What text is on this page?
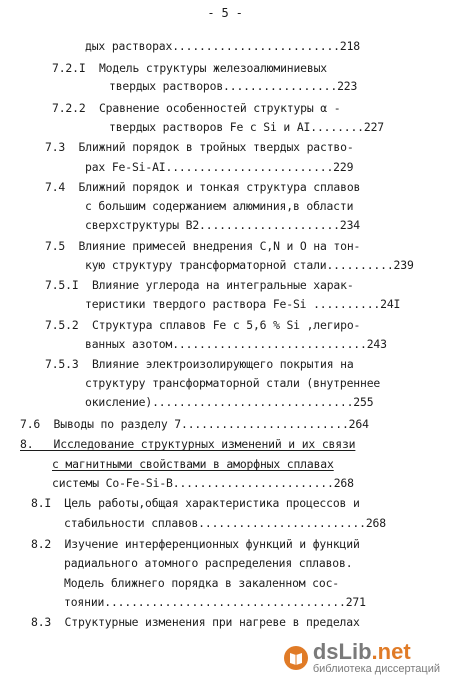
- 5 -
дых растворах.........................218
7.2.I  Модель структуры железоалюминиевых
твердых растворов.................223
7.2.2  Сравнение особенностей структуры α -
твердых растворов Fe c Si и AI........227
7.3  Ближний порядок в тройных твердых раство-
рах Fe-Si-AI.........................229
7.4  Ближний порядок и тонкая структура сплавов
с большим содержанием алюминия,в области
сверхструктуры В2.....................234
7.5  Влияние примесей внедрения С,N и O на тон-
кую структуру трансформаторной стали..........239
7.5.I  Влияние углерода на интегральные харак-
теристики твердого раствора Fe-Si ..........24I
7.5.2  Структура сплавов Fe c 5,6 % Si ,легиро-
ванных азотом.............................243
7.5.3  Влияние электроизолирующего покрытия на
структуру трансформаторной стали (внутреннее
окисление)..............................255
7.6  Выводы по разделу 7.........................264
8.   Исследование структурных изменений и их связи
с магнитными свойствами в аморфных сплавах
системы Co-Fe-Si-B........................268
8.I  Цель работы,общая характеристика процессов и
стабильности сплавов.........................268
8.2  Изучение интерференционных функций и функций
радиального атомного распределения сплавов.
Модель ближнего порядка в закаленном сос-
тоянии....................................271
8.3  Структурные изменения при нагреве в пределах
dsLib.net
библиотека диссертаций
